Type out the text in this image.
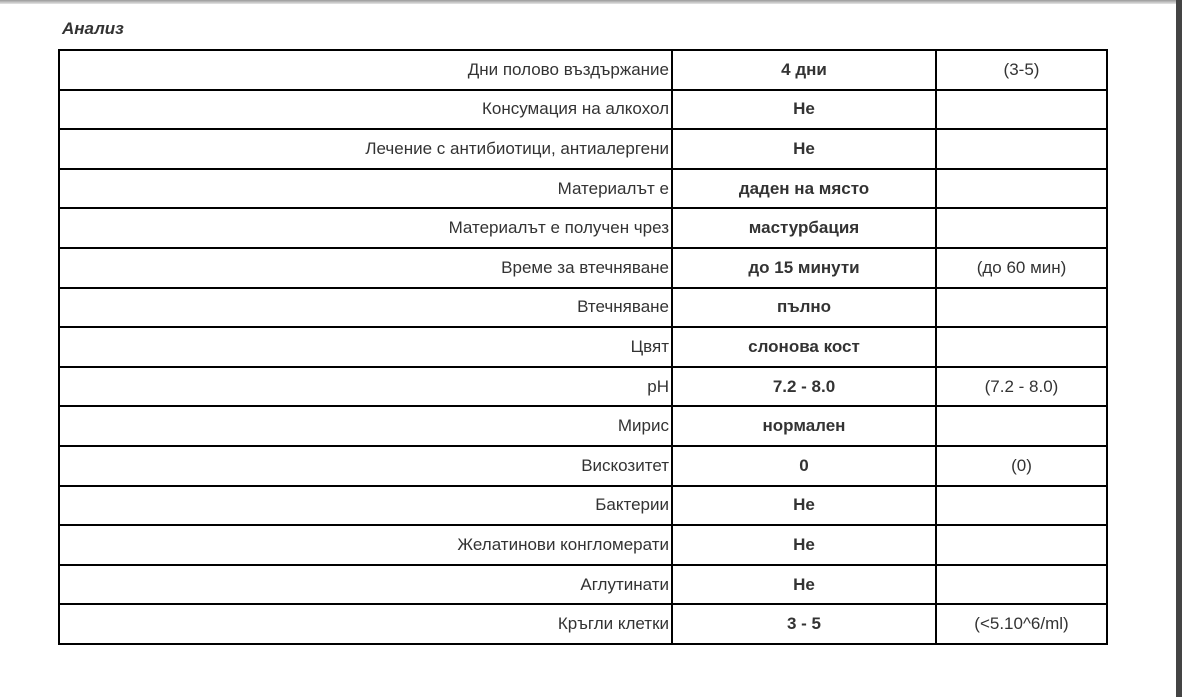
Анализ
Дни полово въздържание	4 дни	(3-5)
Консумация на алкохол	Не	
Лечение с антибиотици, антиалергени	Не	
Материалът е	даден на място	
Материалът е получен чрез	мастурбация	
Време за втечняване	до 15 минути	(до 60 мин)
Втечняване	пълно	
Цвят	слонова кост	
pH	7.2 - 8.0	(7.2 - 8.0)
Мирис	нормален	
Вискозитет	0	(0)
Бактерии	Не	
Желатинови конгломерати	Не	
Аглутинати	Не	
Кръгли клетки	3 - 5	(<5.10^6/ml)
